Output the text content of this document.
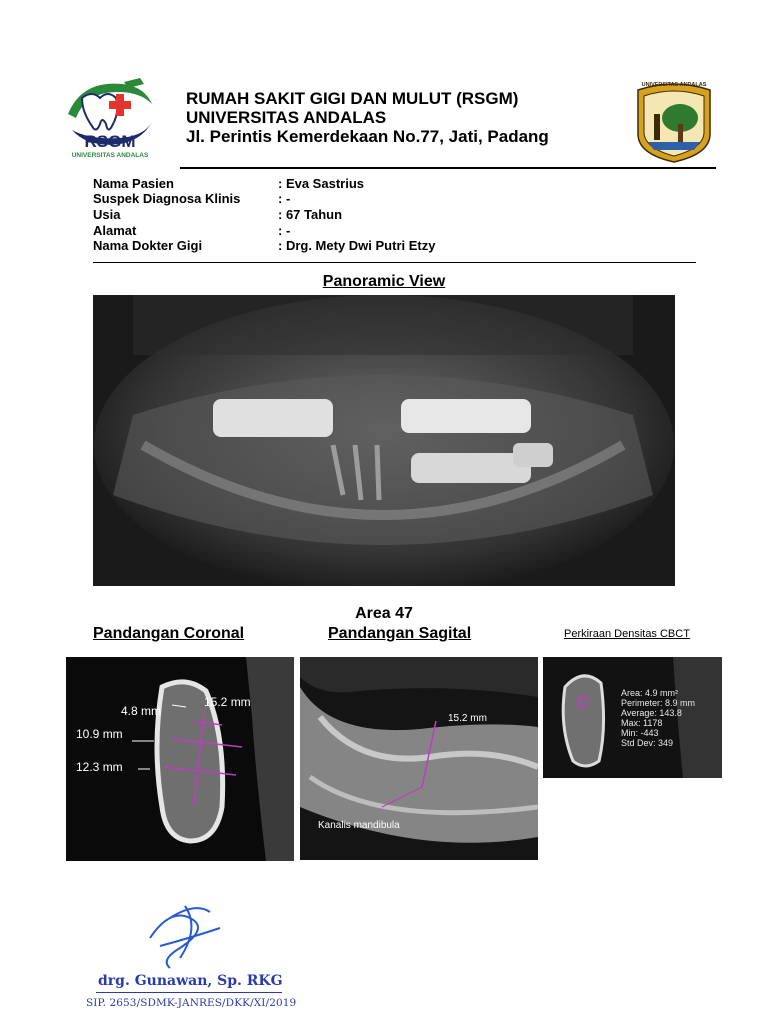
RSGM
UNIVERSITAS ANDALAS
RUMAH SAKIT GIGI DAN MULUT (RSGM)
UNIVERSITAS ANDALAS
Jl. Perintis Kemerdekaan No.77, Jati, Padang
UNIVERSITAS ANDALAS
Nama Pasien	: Eva Sastrius
Suspek Diagnosa Klinis	: -
Usia	: 67 Tahun
Alamat	: -
Nama Dokter Gigi	: Drg. Mety Dwi Putri Etzy
Panoramic View
Area 47
Pandangan Coronal	Pandangan Sagital	Perkiraan Densitas CBCT
4.8 mm
15.2 mm
10.9 mm
12.3 mm
15.2 mm
Kanalis mandibula
Area: 4.9 mm²
Perimeter: 8.9 mm
Average: 143.8
Max: 1178
Min: -443
Std Dev: 349
drg. Gunawan, Sp. RKG
SIP. 2653/SDMK-JANRES/DKK/XI/2019
